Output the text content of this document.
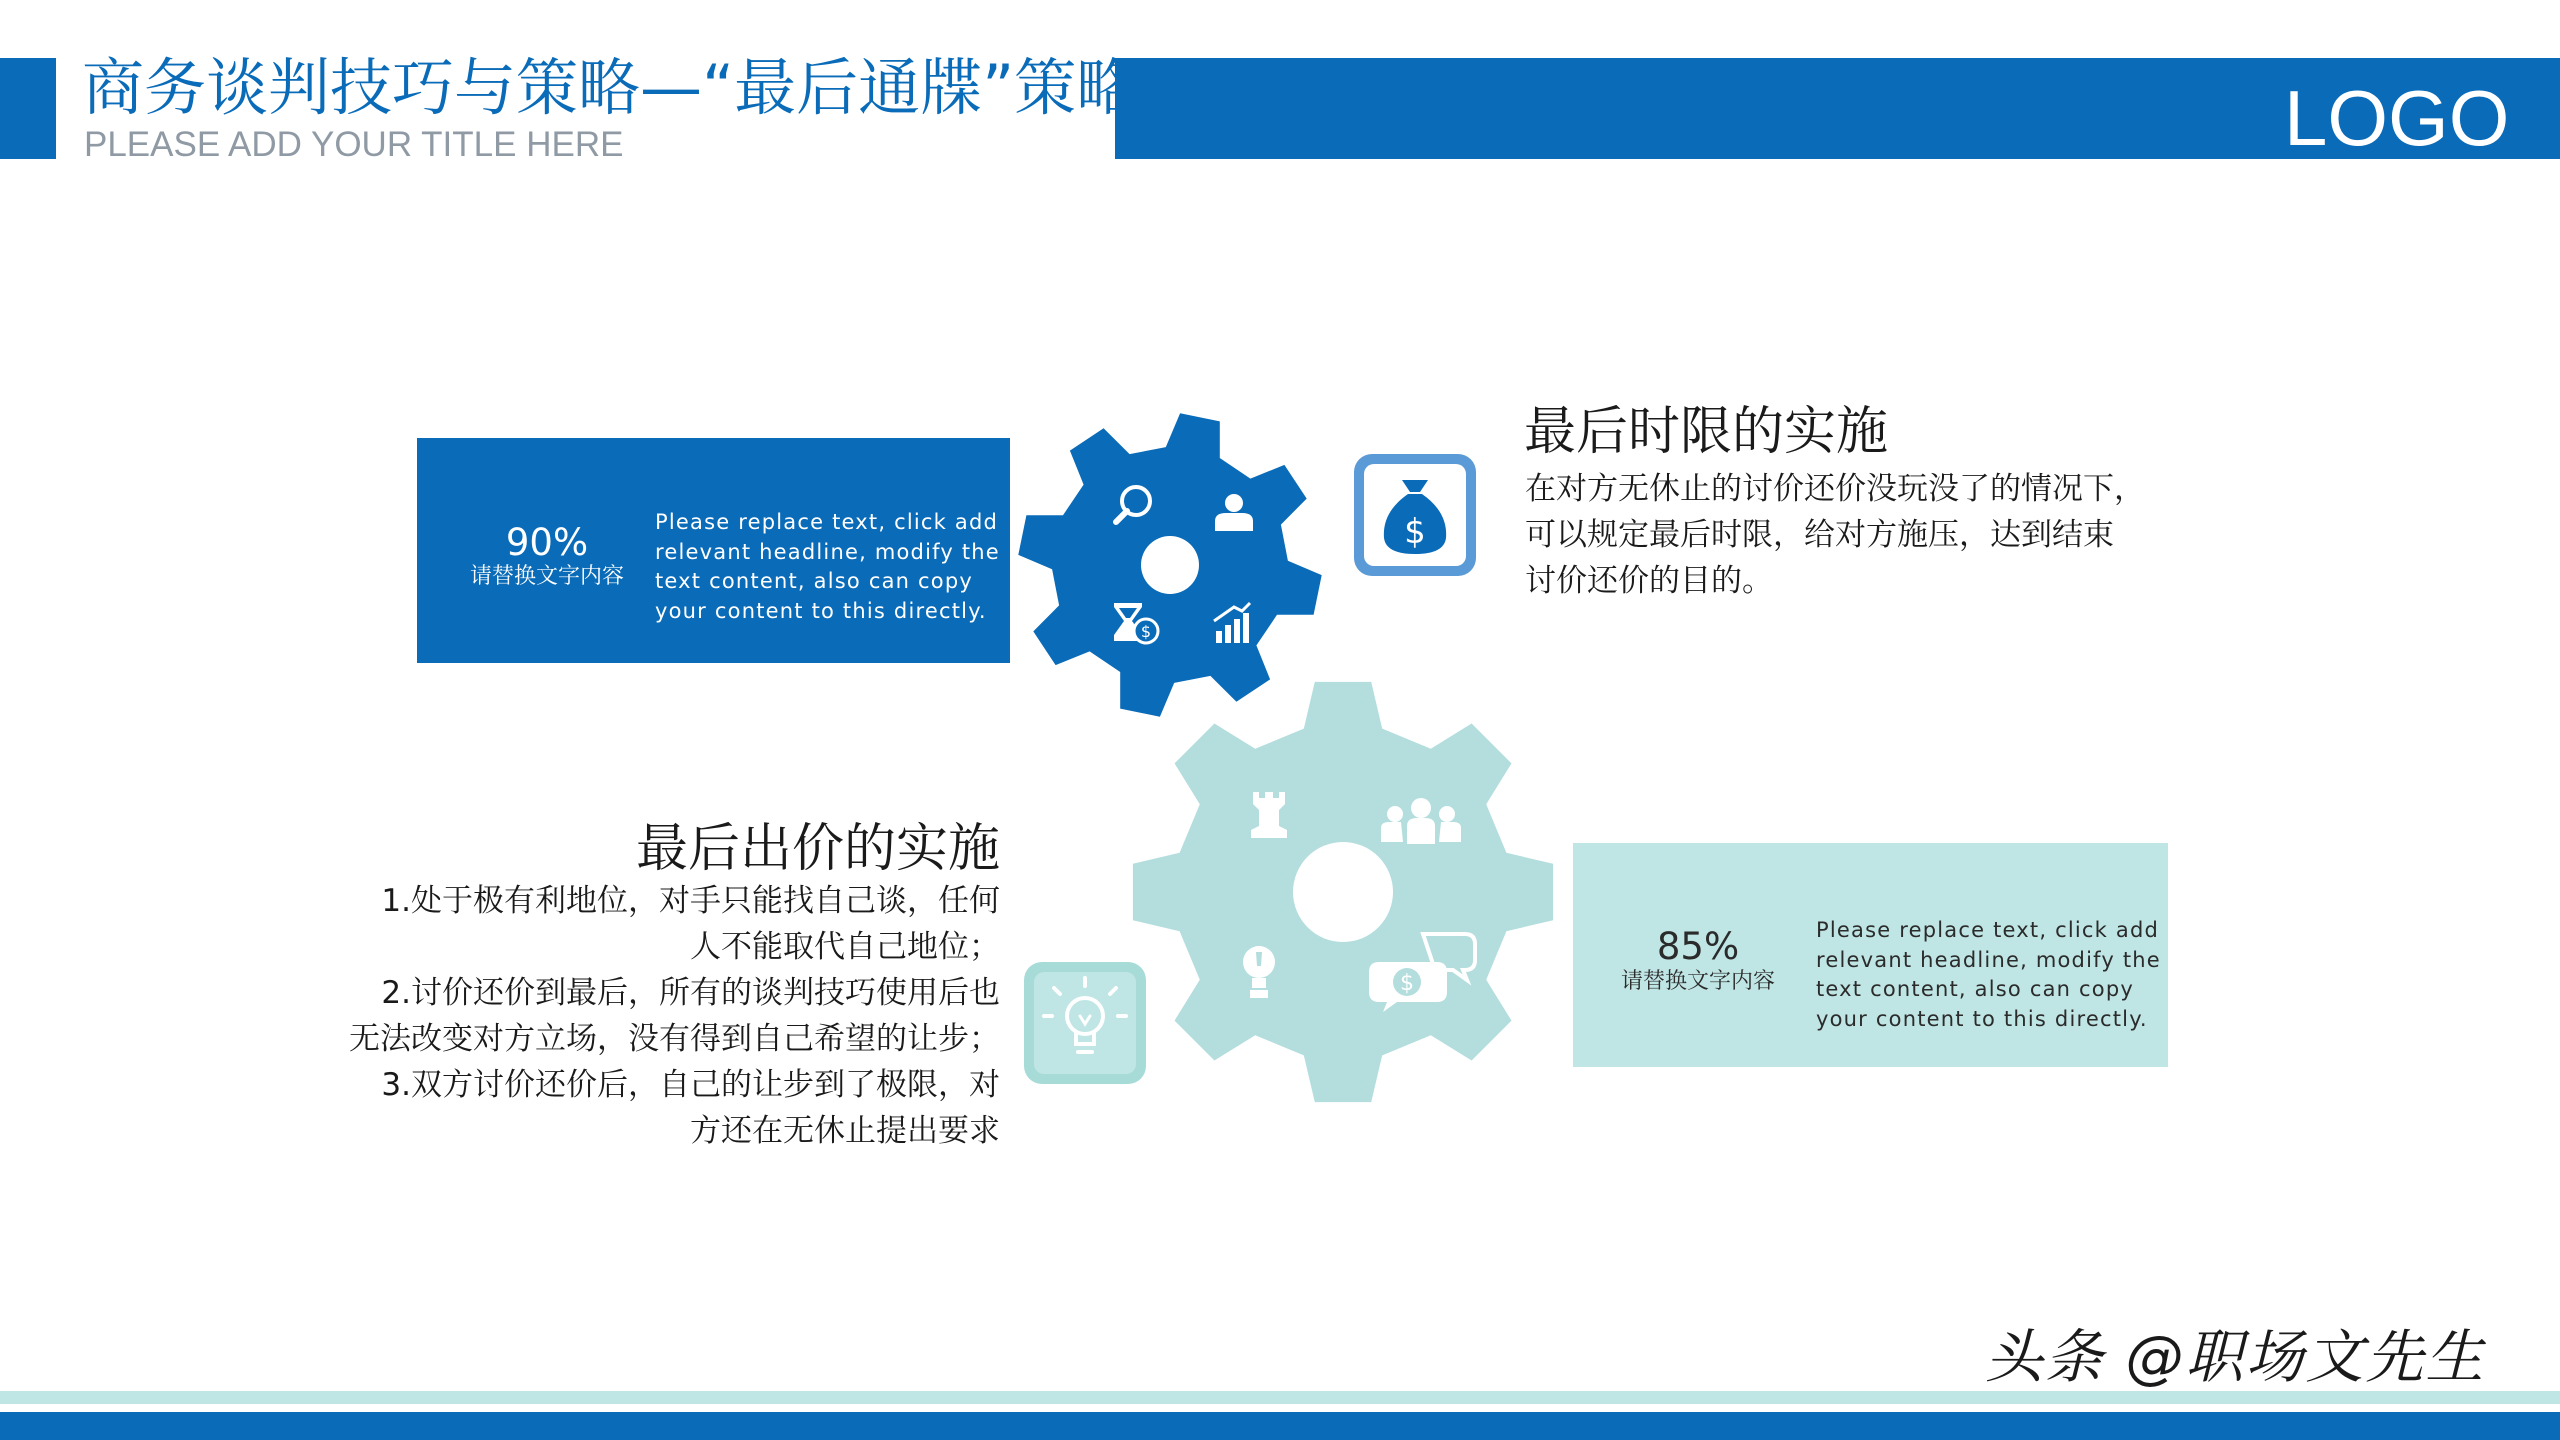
商务谈判技巧与策略—“最后通牒”策略
PLEASE ADD YOUR TITLE HERE	LOGO
90%
请替换文字内容
Please replace text, click add
relevant headline, modify the
text content, also can copy
your content to this directly.
85%
请替换文字内容
Please replace text, click add
relevant headline, modify the
text content, also can copy
your content to this directly.
$
$
$
最后时限的实施
在对方无休止的讨价还价没玩没了的情况下，
可以规定最后时限，给对方施压，达到结束
讨价还价的目的。
最后出价的实施
1.处于极有利地位，对手只能找自己谈，任何
人不能取代自己地位；
2.讨价还价到最后，所有的谈判技巧使用后也
无法改变对方立场，没有得到自己希望的让步；
3.双方讨价还价后，自己的让步到了极限，对
方还在无休止提出要求
头条 @职场文先生
